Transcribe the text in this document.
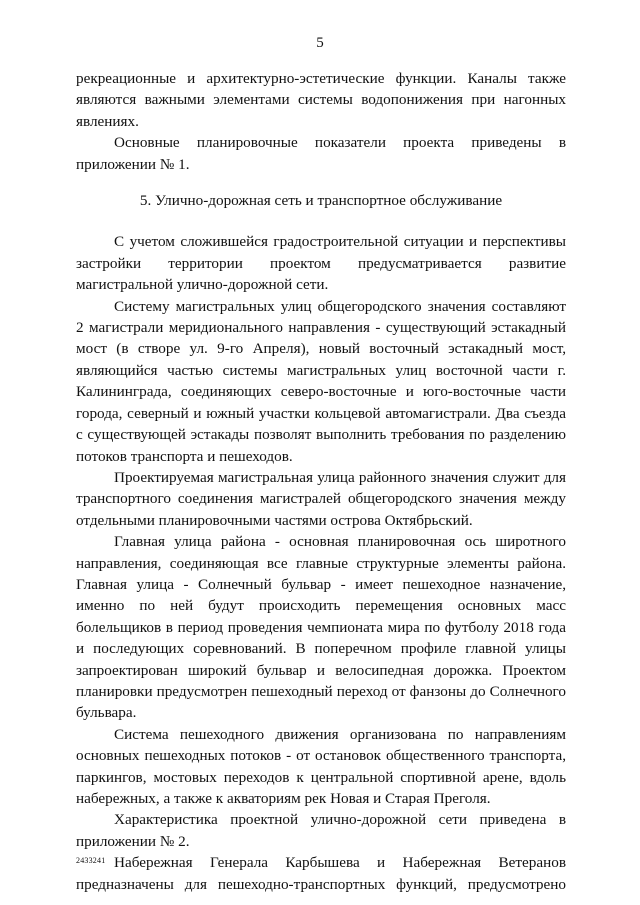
5

рекреационные и архитектурно-эстетические функции. Каналы также являются важными элементами системы водопонижения при нагонных явлениях.

Основные планировочные показатели проекта приведены в приложении № 1.

5. Улично-дорожная сеть и транспортное обслуживание

С учетом сложившейся градостроительной ситуации и перспективы застройки территории проектом предусматривается развитие магистральной улично-дорожной сети.

Систему магистральных улиц общегородского значения составляют 2 магистрали меридионального направления - существующий эстакадный мост (в створе ул. 9-го Апреля), новый восточный эстакадный мост, являющийся частью системы магистральных улиц восточной части г. Калининграда, соединяющих северо-восточные и юго-восточные части города, северный и южный участки кольцевой автомагистрали. Два съезда с существующей эстакады позволят выполнить требования по разделению потоков транспорта и пешеходов.

Проектируемая магистральная улица районного значения служит для транспортного соединения магистралей общегородского значения между отдельными планировочными частями острова Октябрьский.

Главная улица района - основная планировочная ось широтного направления, соединяющая все главные структурные элементы района. Главная улица - Солнечный бульвар - имеет пешеходное назначение, именно по ней будут происходить перемещения основных масс болельщиков в период проведения чемпионата мира по футболу 2018 года и последующих соревнований. В поперечном профиле главной улицы запроектирован широкий бульвар и велосипедная дорожка. Проектом планировки предусмотрен пешеходный переход от фанзоны до Солнечного бульвара.

Система пешеходного движения организована по направлениям основных пешеходных потоков - от остановок общественного транспорта, паркингов, мостовых переходов к центральной спортивной арене, вдоль набережных, а также к акваториям рек Новая и Старая Преголя.

Характеристика проектной улично-дорожной сети приведена в приложении № 2.

Набережная Генерала Карбышева и Набережная Ветеранов предназначены для пешеходно-транспортных функций, предусмотрено

2433241
